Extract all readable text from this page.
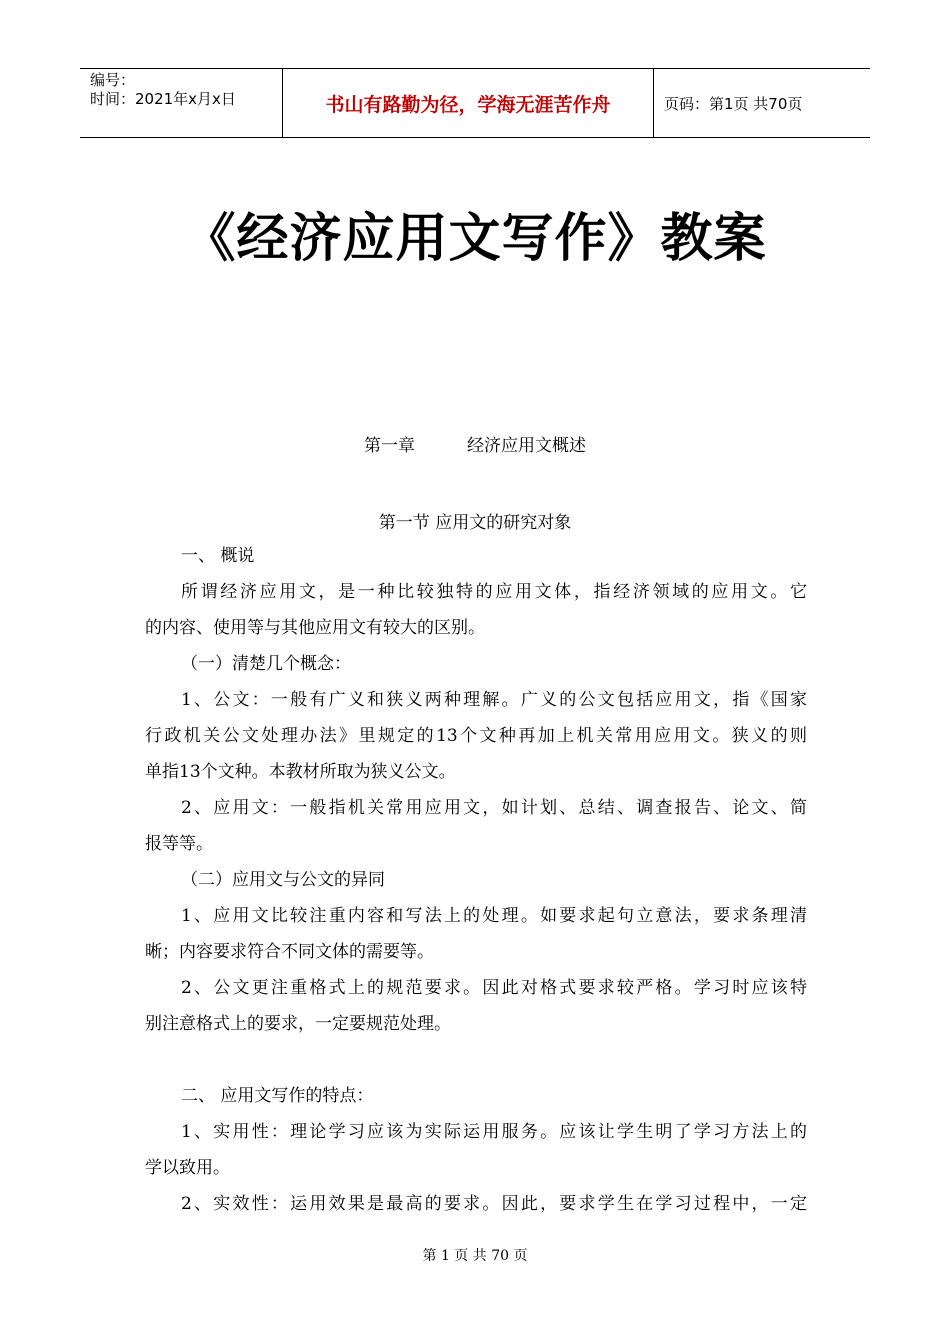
编号：
时间：2021年x月x日	书山有路勤为径，学海无涯苦作舟	页码：第1页 共70页
《经济应用文写作》教案
第一章	经济应用文概述
第一节 应用文的研究对象
一、 概说
所谓经济应用文，是一种比较独特的应用文体，指经济领域的应用文。它
的内容、使用等与其他应用文有较大的区别。
（一）清楚几个概念：
1、公文：一般有广义和狭义两种理解。广义的公文包括应用文，指《国家
行政机关公文处理办法》里规定的13个文种再加上机关常用应用文。狭义的则
单指13个文种。本教材所取为狭义公文。
2、应用文：一般指机关常用应用文，如计划、总结、调查报告、论文、简
报等等。
（二）应用文与公文的异同
1、应用文比较注重内容和写法上的处理。如要求起句立意法，要求条理清
晰；内容要求符合不同文体的需要等。
2、公文更注重格式上的规范要求。因此对格式要求较严格。学习时应该特
别注意格式上的要求，一定要规范处理。
二、 应用文写作的特点：
1、实用性：理论学习应该为实际运用服务。应该让学生明了学习方法上的
学以致用。
2、实效性：运用效果是最高的要求。因此，要求学生在学习过程中，一定
第 1 页 共 70 页
